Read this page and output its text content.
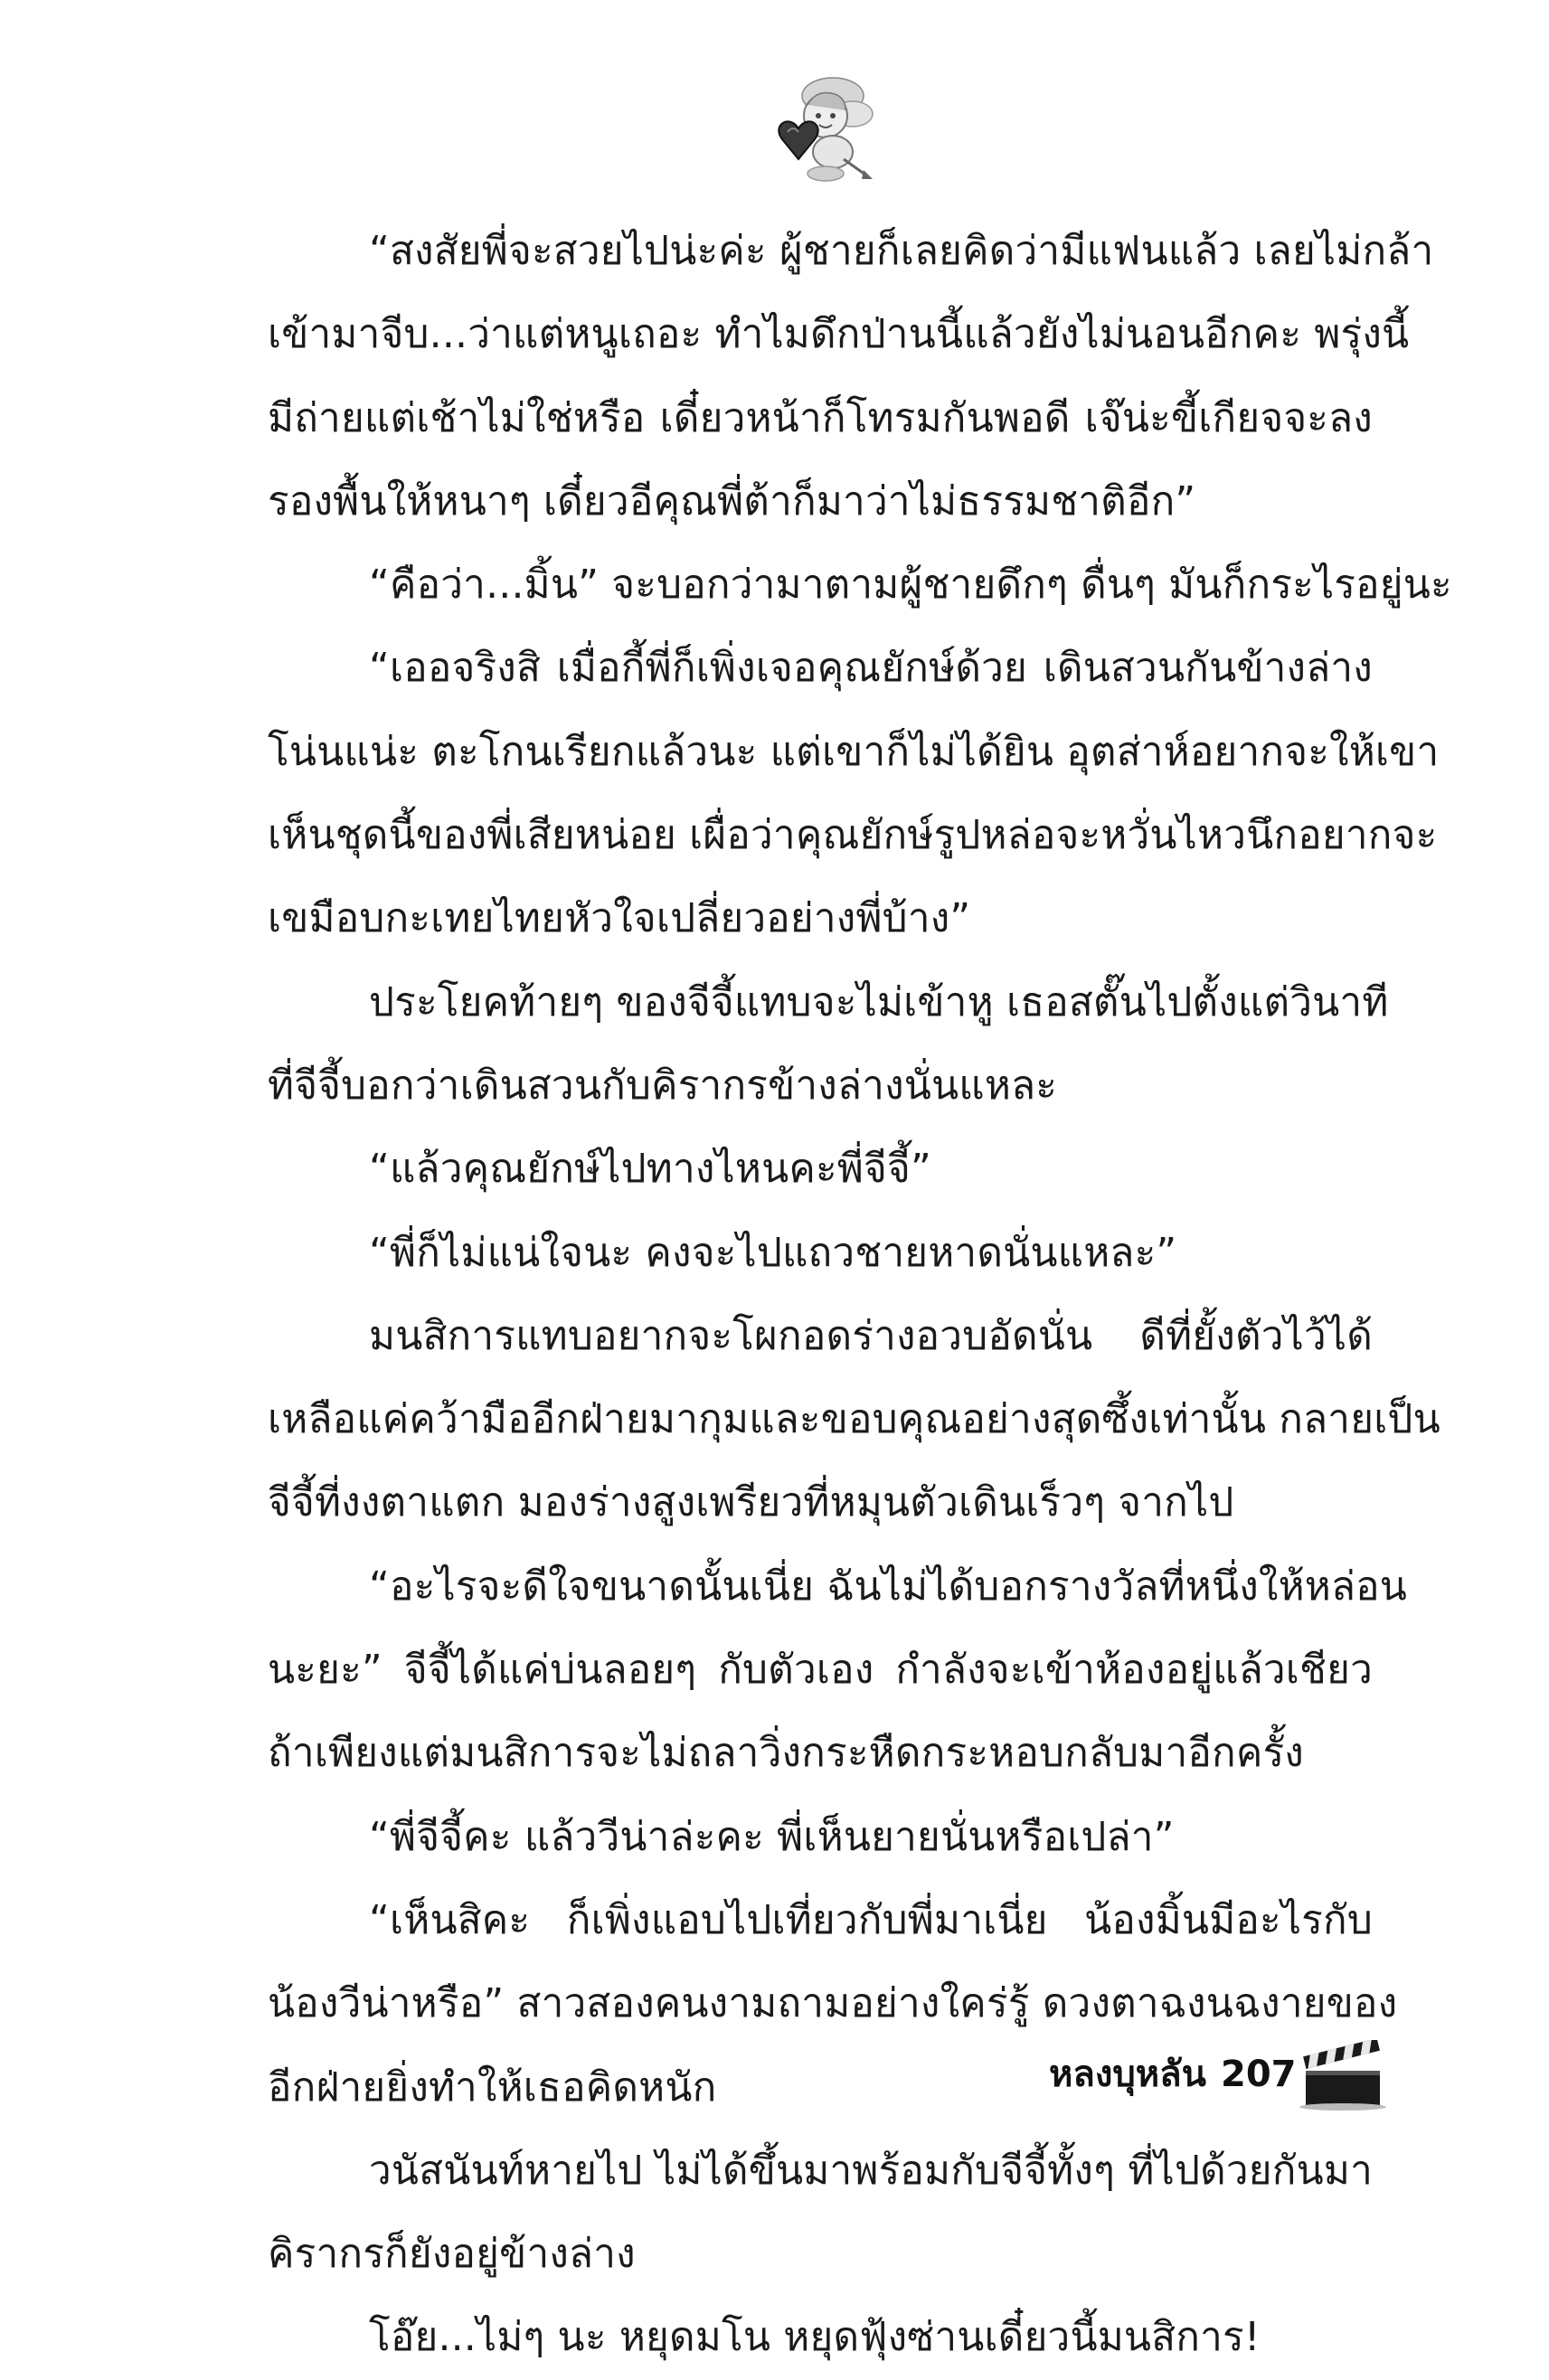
“สงสัยพี่จะสวยไปน่ะค่ะ ผู้ชายก็เลยคิดว่ามีแฟนแล้ว เลยไม่กล้า
เข้ามาจีบ...ว่าแต่หนูเถอะ ทำไมดึกป่านนี้แล้วยังไม่นอนอีกคะ พรุ่งนี้
มีถ่ายแต่เช้าไม่ใช่หรือ เดี๋ยวหน้าก็โทรมกันพอดี เจ๊น่ะขี้เกียจจะลง
รองพื้นให้หนาๆ เดี๋ยวอีคุณพี่ต้าก็มาว่าไม่ธรรมชาติอีก”
“คือว่า...มิ้น” จะบอกว่ามาตามผู้ชายดึกๆ ดื่นๆ มันก็กระไรอยู่นะ
“เออจริงสิ เมื่อกี้พี่ก็เพิ่งเจอคุณยักษ์ด้วย เดินสวนกันข้างล่าง
โน่นแน่ะ ตะโกนเรียกแล้วนะ แต่เขาก็ไม่ได้ยิน อุตส่าห์อยากจะให้เขา
เห็นชุดนี้ของพี่เสียหน่อย เผื่อว่าคุณยักษ์รูปหล่อจะหวั่นไหวนึกอยากจะ
เขมือบกะเทยไทยหัวใจเปลี่ยวอย่างพี่บ้าง”
ประโยคท้ายๆ ของจีจี้แทบจะไม่เข้าหู เธอสตั๊นไปตั้งแต่วินาที
ที่จีจี้บอกว่าเดินสวนกับคิรากรข้างล่างนั่นแหละ
“แล้วคุณยักษ์ไปทางไหนคะพี่จีจี้”
“พี่ก็ไม่แน่ใจนะ คงจะไปแถวชายหาดนั่นแหละ”
มนสิการแทบอยากจะโผกอดร่างอวบอัดนั่น ดีที่ยั้งตัวไว้ได้
เหลือแค่คว้ามืออีกฝ่ายมากุมและขอบคุณอย่างสุดซึ้งเท่านั้น กลายเป็น
จีจี้ที่งงตาแตก มองร่างสูงเพรียวที่หมุนตัวเดินเร็วๆ จากไป
“อะไรจะดีใจขนาดนั้นเนี่ย ฉันไม่ได้บอกรางวัลที่หนึ่งให้หล่อน
นะยะ” จีจี้ได้แค่บ่นลอยๆ กับตัวเอง กำลังจะเข้าห้องอยู่แล้วเชียว
ถ้าเพียงแต่มนสิการจะไม่ถลาวิ่งกระหืดกระหอบกลับมาอีกครั้ง
“พี่จีจี้คะ แล้ววีน่าล่ะคะ พี่เห็นยายนั่นหรือเปล่า”
“เห็นสิคะ ก็เพิ่งแอบไปเที่ยวกับพี่มาเนี่ย น้องมิ้นมีอะไรกับ
น้องวีน่าหรือ” สาวสองคนงามถามอย่างใคร่รู้ ดวงตาฉงนฉงายของ
อีกฝ่ายยิ่งทำให้เธอคิดหนัก
วนัสนันท์หายไป ไม่ได้ขึ้นมาพร้อมกับจีจี้ทั้งๆ ที่ไปด้วยกันมา
คิรากรก็ยังอยู่ข้างล่าง
โอ๊ย...ไม่ๆ นะ หยุดมโน หยุดฟุ้งซ่านเดี๋ยวนี้มนสิการ!
หลงบุหลัน 207
